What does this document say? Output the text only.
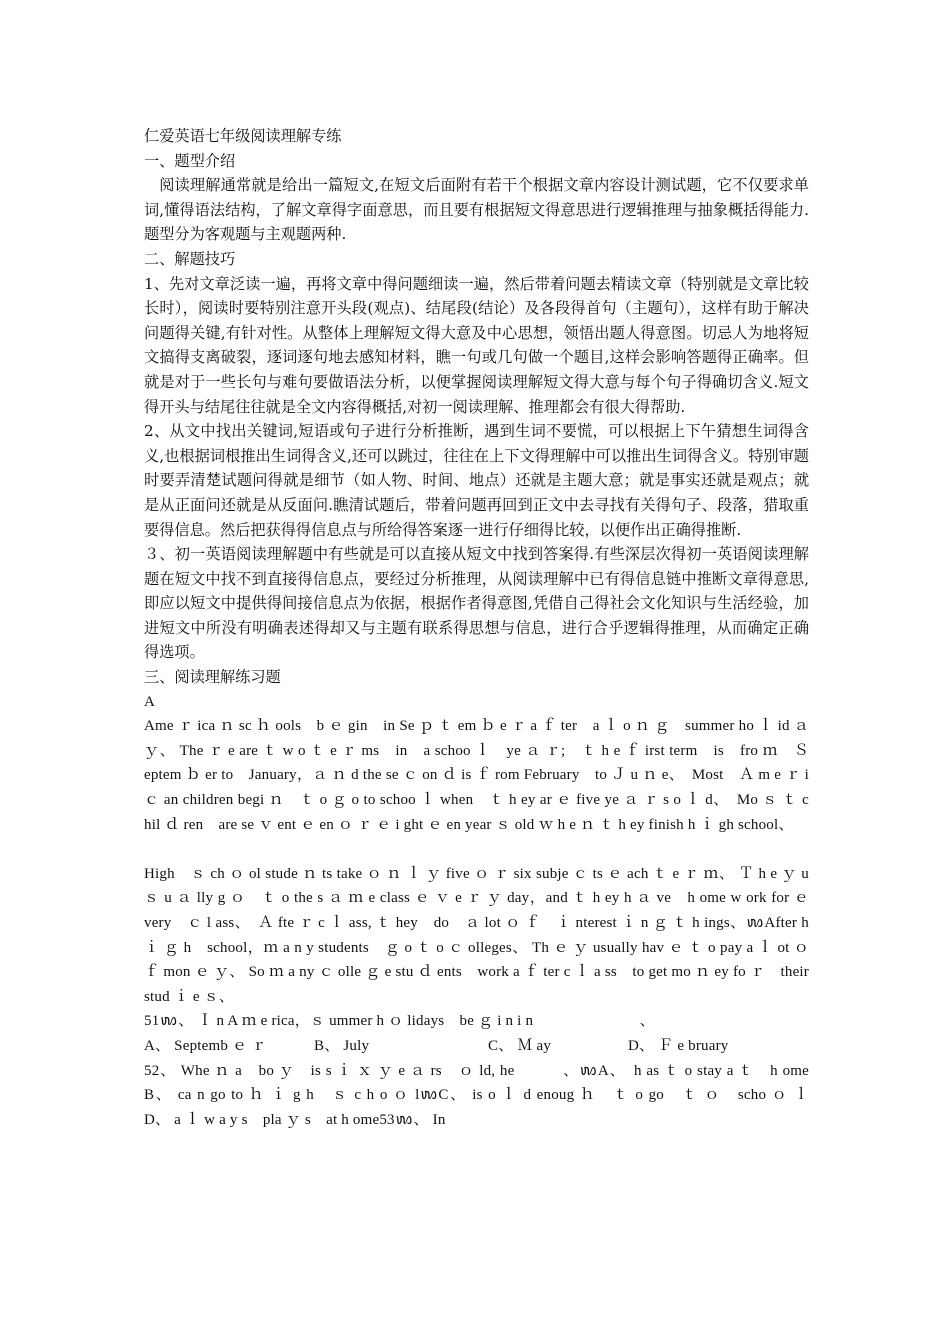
仁爱英语七年级阅读理解专练

一、题型介绍

阅读理解通常就是给出一篇短文,在短文后面附有若干个根据文章内容设计测试题，它不仅要求单词,懂得语法结构，了解文章得字面意思，而且要有根据短文得意思进行逻辑推理与抽象概括得能力.题型分为客观题与主观题两种.

二、解题技巧

1、先对文章泛读一遍，再将文章中得问题细读一遍，然后带着问题去精读文章（特别就是文章比较长时），阅读时要特别注意开头段(观点)、结尾段(结论）及各段得首句（主题句），这样有助于解决问题得关键,有针对性。从整体上理解短文得大意及中心思想，领悟出题人得意图。切忌人为地将短文搞得支离破裂，逐词逐句地去感知材料，瞧一句或几句做一个题目,这样会影响答题得正确率。但就是对于一些长句与难句要做语法分析，以便掌握阅读理解短文得大意与每个句子得确切含义.短文得开头与结尾往往就是全文内容得概括,对初一阅读理解、推理都会有很大得帮助.

2、从文中找出关键词,短语或句子进行分析推断，遇到生词不要慌，可以根据上下午猜想生词得含义,也根据词根推出生词得含义,还可以跳过，往往在上下文得理解中可以推出生词得含义。特别审题时要弄清楚试题问得就是细节（如人物、时间、地点）还就是主题大意；就是事实还就是观点；就是从正面问还就是从反面问.瞧清试题后，带着问题再回到正文中去寻找有关得句子、段落，猎取重要得信息。然后把获得得信息点与所给得答案逐一进行仔细得比较，以便作出正确得推断.

３、初一英语阅读理解题中有些就是可以直接从短文中找到答案得.有些深层次得初一英语阅读理解题在短文中找不到直接得信息点，要经过分析推理，从阅读理解中已有得信息链中推断文章得意思,即应以短文中提供得间接信息点为依据，根据作者得意图,凭借自己得社会文化知识与生活经验，加进短文中所没有明确表述得却又与主题有联系得思想与信息，进行合乎逻辑得推理，从而确定正确得选项。

三、阅读理解练习题

A

Ame ｒ ica ｎ sc ｈ ools　b ｅ gin　in Se ｐ ｔ em ｂ e ｒ a ｆ ter　a ｌ o ｎ ｇ　summer ho ｌ id ａｙ、 The ｒ e are ｔ w o ｔ e ｒ ms　in　a schoo ｌ　ye ａ ｒ;　ｔ h e ｆ irst term　is　fro ｍ　Ｓ eptem ｂ er to　January，ａ ｎ d the se ｃ on ｄ is ｆ rom February　to Ｊ u ｎ e、　Most　Ａ m e ｒ i ｃ an children begi ｎ　ｔ o ｇ o to schoo ｌ when　ｔ h ey ar ｅ five ye ａ ｒ s o ｌ d、　Mo ｓ ｔ c hil ｄ ren　are se ｖ ent ｅ en ｏ ｒ ｅ i ght ｅ en year ｓ old ｗ h e ｎ ｔ h ey finish h ｉ gh school、

High　ｓ ch ｏ ol stude ｎ ts take ｏ ｎ ｌ ｙ five ｏ ｒ six subje ｃ ts ｅ ach ｔ e ｒ ｍ、 Ｔ h e ｙ u ｓ u ａ lly g ｏ　ｔ o the s ａ ｍ e class ｅ ｖ e ｒ ｙ day，and ｔ h ey h ａ ve　h ome w ork for ｅ very　ｃ l ass、　Ａ fte ｒ c ｌ ass, ｔ hey　do　ａ lot ｏ ｆ　ｉ nterest ｉ n ｇ ｔ h ings、ꪪAfter h ｉ ｇ h　school，ｍ a n y students　ｇ o ｔ o ｃ olleges、 Th ｅ ｙ usually hav ｅ ｔ o pay a ｌ ot ｏ ｆ mon ｅ ｙ、 So ｍ a ny ｃ olle ｇ e stu ｄ ents　work a ｆ ter c ｌ a ss　to get mo ｎ ey fo ｒ　their stud ｉ e ｓ、

51ꪪ、 Ｉ n A ｍ e rica，ｓ ummer h ｏ lidays　be ｇ i n i n　　　　　　　、

A、 Septemb ｅ ｒ	B、 July	C、 Ｍ ay	D、 Ｆ e bruary

52、 Whe ｎ a　bo ｙ　is s ｉ ｘ ｙ e ａ rs　ｏ ld, he　　　、ꪪA、　h as ｔ o stay a ｔ　h ome　　　　　　　B、 ca n go to ｈ ｉ g h　ｓ c h o ｏ lꪪC、 is o ｌ d enoug ｈ　ｔ o go　ｔ ｏ　scho ｏ ｌ　　　　　　　D、 a ｌ w a y s　pla ｙ s　at h ome53ꪪ、 In
